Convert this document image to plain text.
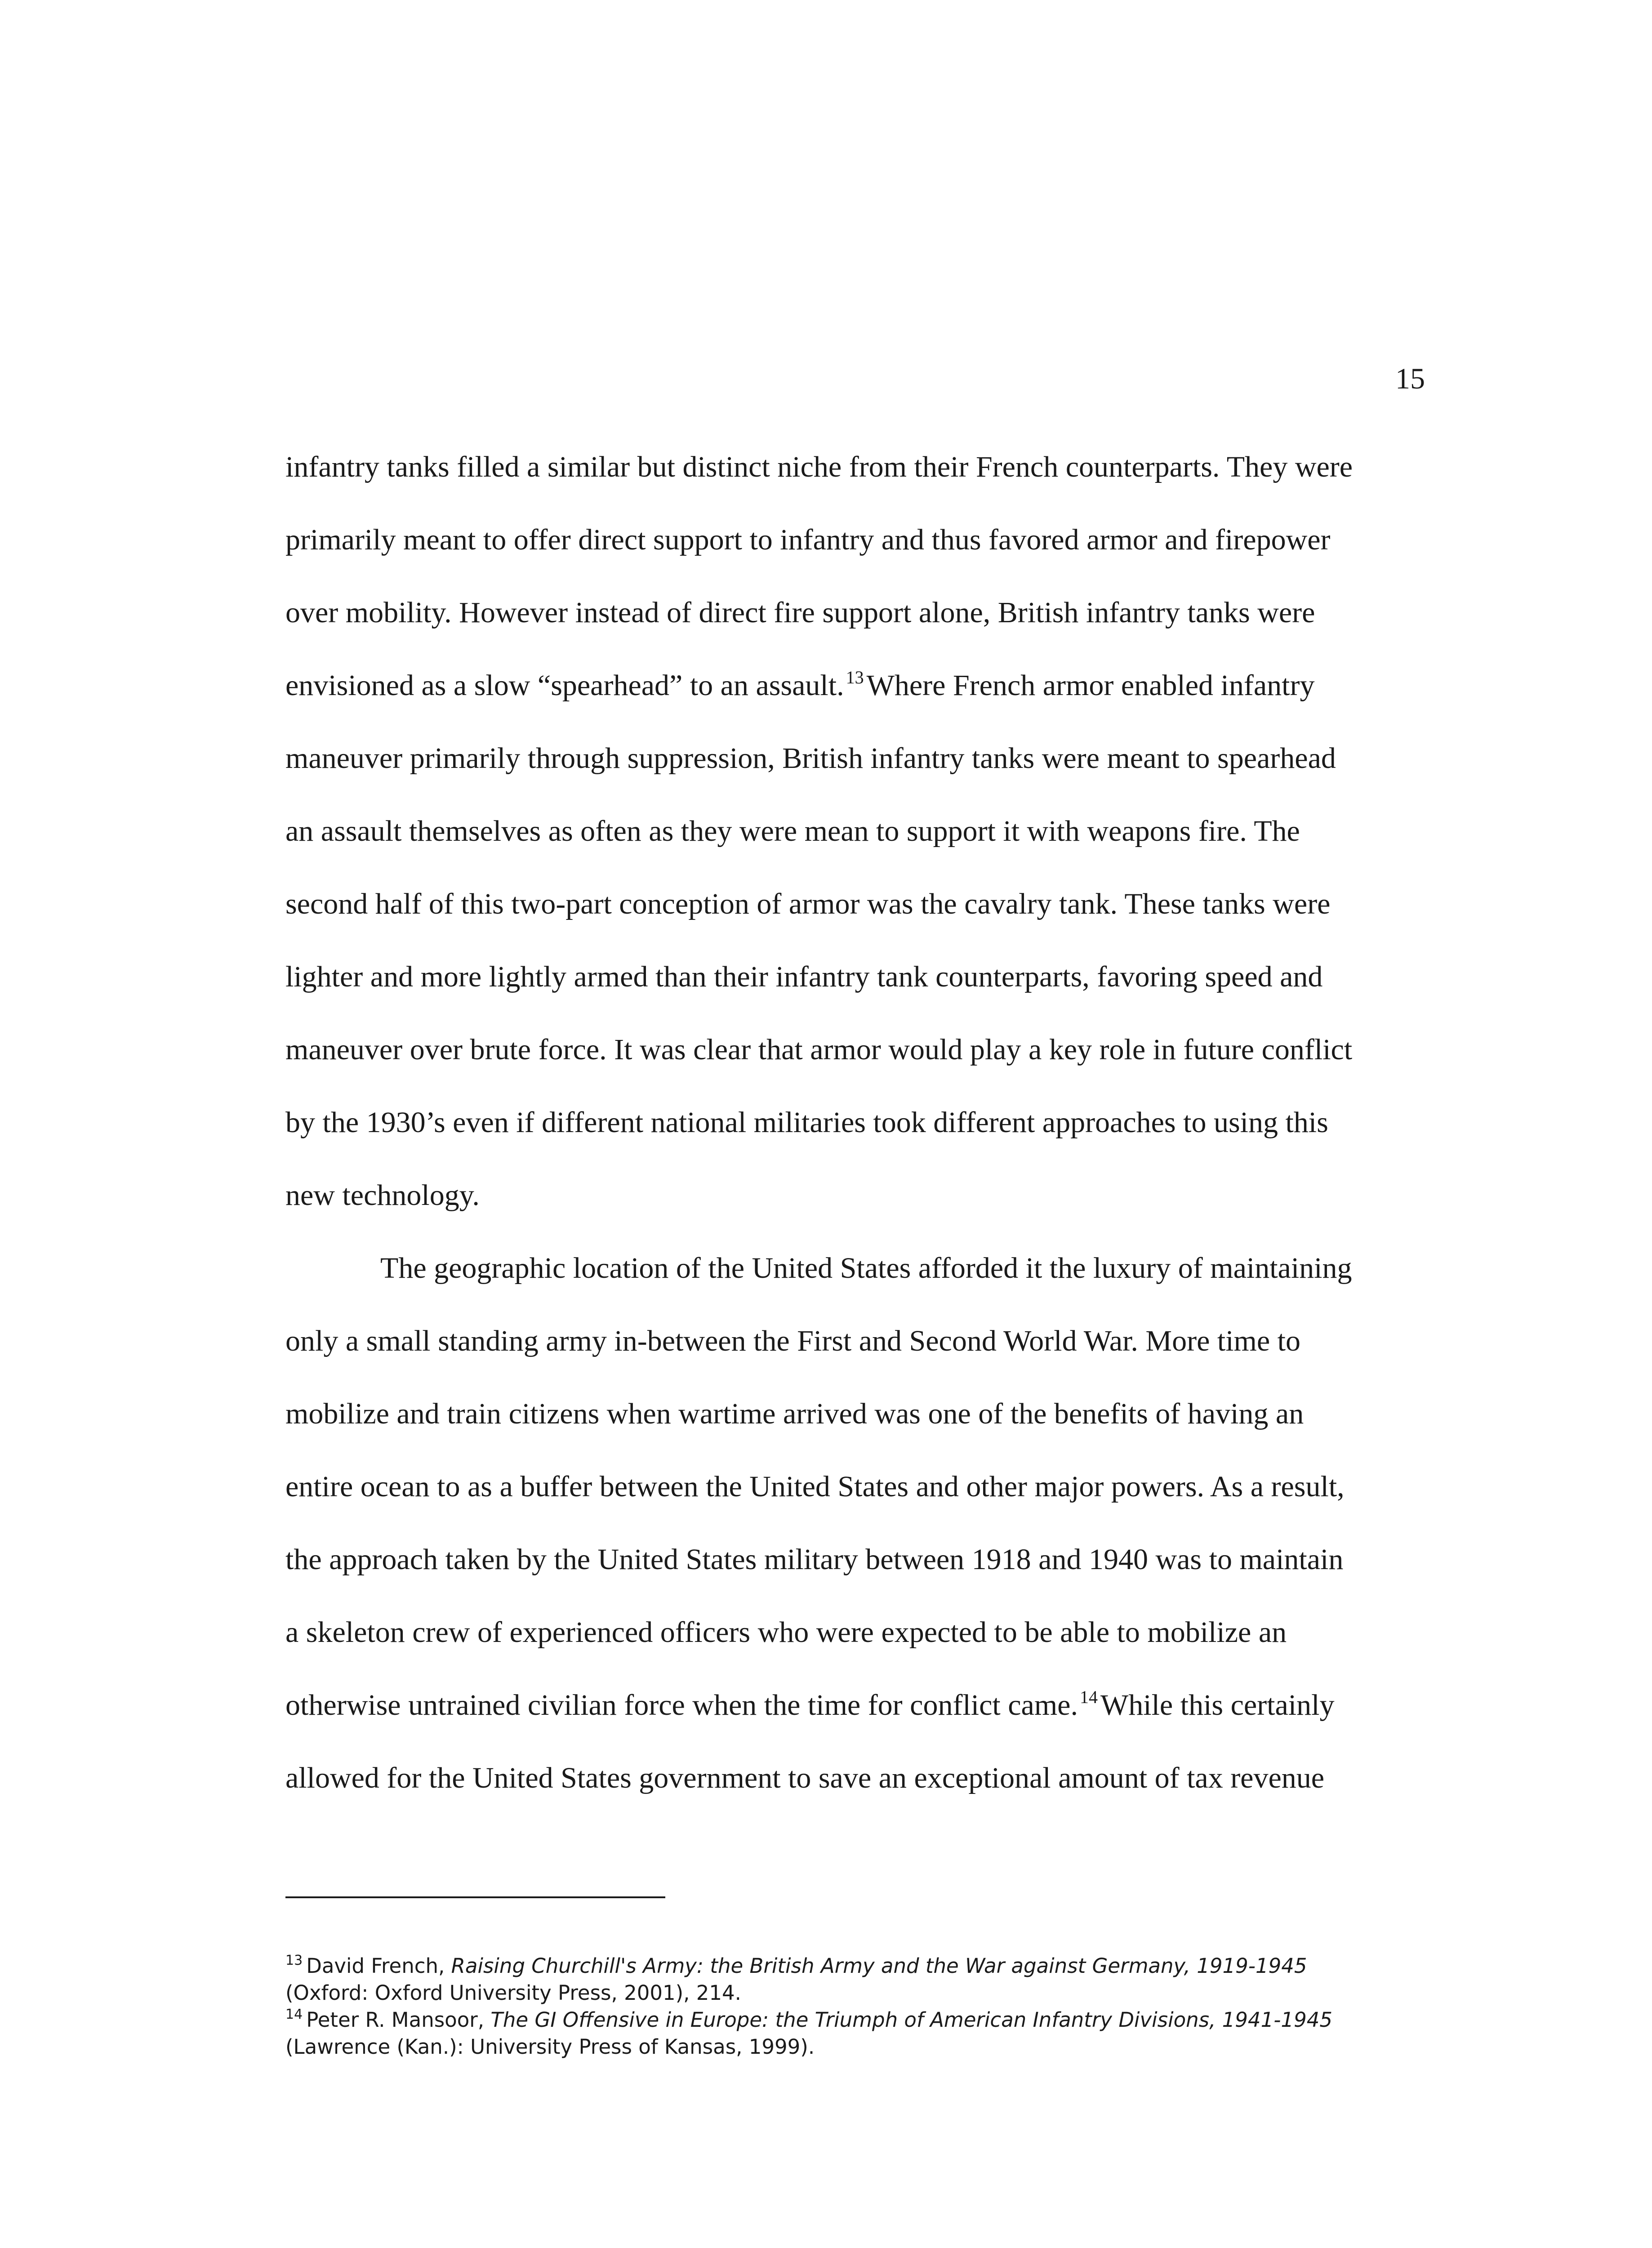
15

infantry tanks filled a similar but distinct niche from their French counterparts. They were
primarily meant to offer direct support to infantry and thus favored armor and firepower
over mobility. However instead of direct fire support alone, British infantry tanks were
envisioned as a slow “spearhead” to an assault. $^{13}$Where French armor enabled infantry
maneuver primarily through suppression, British infantry tanks were meant to spearhead
an assault themselves as often as they were mean to support it with weapons fire. The
second half of this two-part conception of armor was the cavalry tank. These tanks were
lighter and more lightly armed than their infantry tank counterparts, favoring speed and
maneuver over brute force. It was clear that armor would play a key role in future conflict
by the 1930’s even if different national militaries took different approaches to using this
new technology.

The geographic location of the United States afforded it the luxury of maintaining
only a small standing army in-between the First and Second World War. More time to
mobilize and train citizens when wartime arrived was one of the benefits of having an
entire ocean to as a buffer between the United States and other major powers. As a result,
the approach taken by the United States military between 1918 and 1940 was to maintain
a skeleton crew of experienced officers who were expected to be able to mobilize an
otherwise untrained civilian force when the time for conflict came. $^{14}$While this certainly
allowed for the United States government to save an exceptional amount of tax revenue

$^{13}$ David French, Raising Churchill's Army: the British Army and the War against Germany, 1919-1945
(Oxford: Oxford University Press, 2001), 214.

$^{14}$ Peter R. Mansoor, The GI Offensive in Europe: the Triumph of American Infantry Divisions, 1941-1945
(Lawrence (Kan.): University Press of Kansas, 1999).
